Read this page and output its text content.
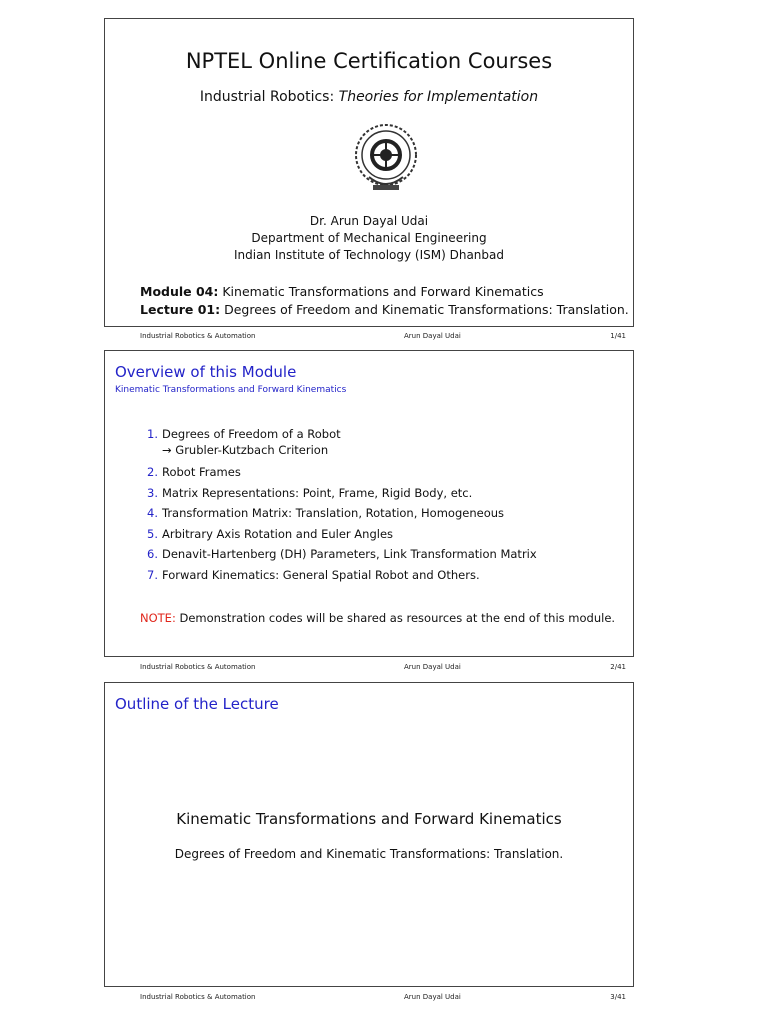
NPTEL Online Certification Courses
Industrial Robotics: Theories for Implementation
Dr. Arun Dayal Udai
Department of Mechanical Engineering
Indian Institute of Technology (ISM) Dhanbad
Module 04: Kinematic Transformations and Forward Kinematics
Lecture 01: Degrees of Freedom and Kinematic Transformations: Translation.
Industrial Robotics & Automation	Arun Dayal Udai	1/41
Overview of this Module
Kinematic Transformations and Forward Kinematics
1. Degrees of Freedom of a Robot
→ Grubler-Kutzbach Criterion
2. Robot Frames
3. Matrix Representations: Point, Frame, Rigid Body, etc.
4. Transformation Matrix: Translation, Rotation, Homogeneous
5. Arbitrary Axis Rotation and Euler Angles
6. Denavit-Hartenberg (DH) Parameters, Link Transformation Matrix
7. Forward Kinematics: General Spatial Robot and Others.
NOTE: Demonstration codes will be shared as resources at the end of this module.
Industrial Robotics & Automation	Arun Dayal Udai	2/41
Outline of the Lecture
Kinematic Transformations and Forward Kinematics
Degrees of Freedom and Kinematic Transformations: Translation.
Industrial Robotics & Automation	Arun Dayal Udai	3/41
